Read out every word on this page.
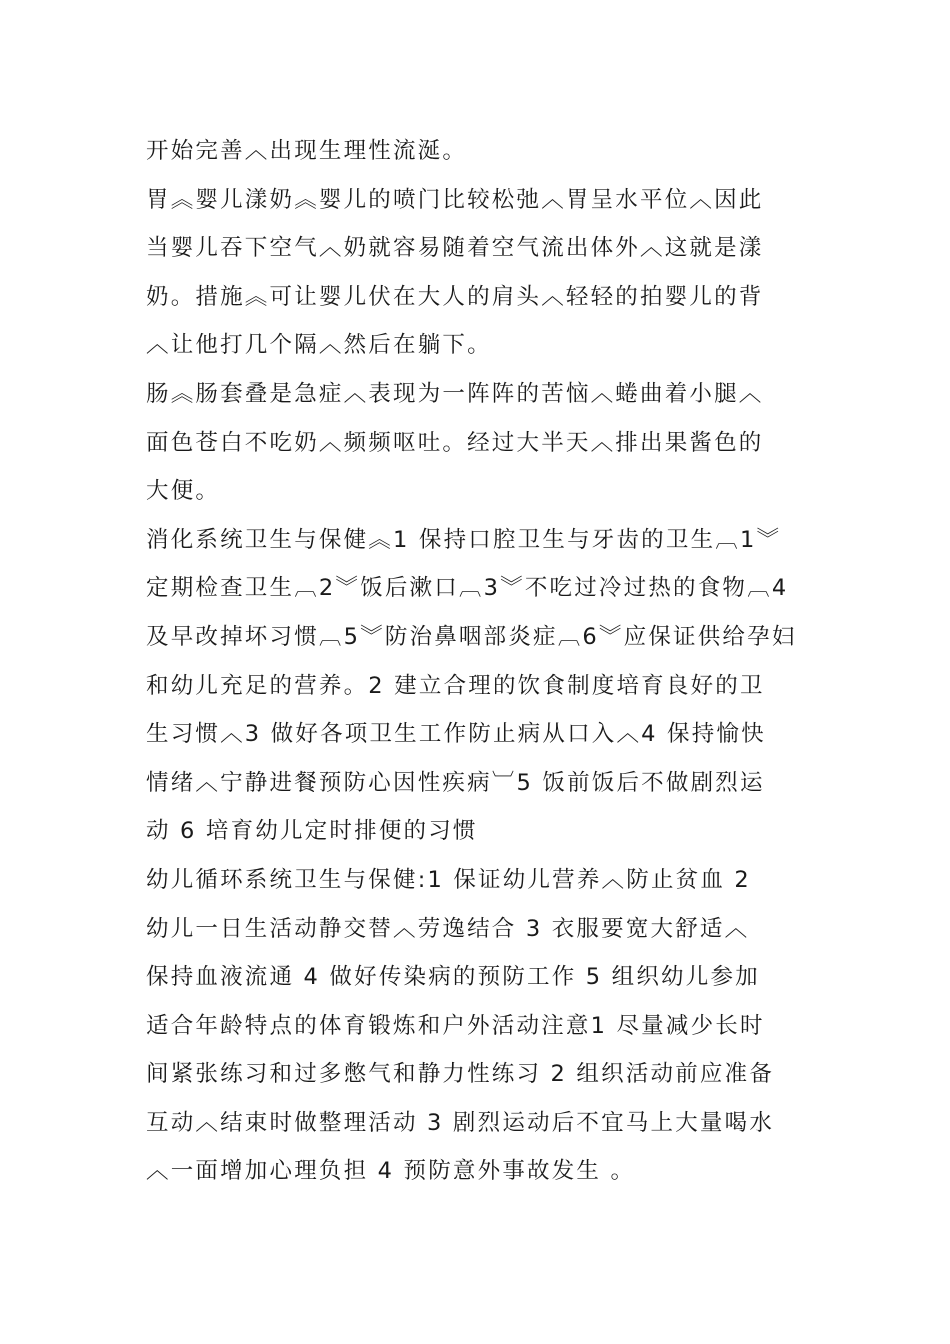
开始完善︿出现生理性流涎。
胃︽婴儿漾奶︽婴儿的喷门比较松弛︿胃呈水平位︿因此
当婴儿吞下空气︿奶就容易随着空气流出体外︿这就是漾
奶。措施︽可让婴儿伏在大人的肩头︿轻轻的拍婴儿的背
︿让他打几个隔︿然后在躺下。
肠︽肠套叠是急症︿表现为一阵阵的苦恼︿蜷曲着小腿︿
面色苍白不吃奶︿频频呕吐。经过大半天︿排出果酱色的
大便。
消化系统卫生与保健︽1 保持口腔卫生与牙齿的卫生︹1︾
定期检查卫生︹2︾饭后漱口︹3︾不吃过冷过热的食物︹4
及早改掉坏习惯︹5︾防治鼻咽部炎症︹6︾应保证供给孕妇
和幼儿充足的营养。2 建立合理的饮食制度培育良好的卫
生习惯︿3 做好各项卫生工作防止病从口入︿4 保持愉快
情绪︿宁静进餐预防心因性疾病︺5 饭前饭后不做剧烈运
动 6 培育幼儿定时排便的习惯
幼儿循环系统卫生与保健:1 保证幼儿营养︿防止贫血 2
幼儿一日生活动静交替︿劳逸结合 3 衣服要宽大舒适︿
保持血液流通 4 做好传染病的预防工作 5 组织幼儿参加
适合年龄特点的体育锻炼和户外活动注意1 尽量减少长时
间紧张练习和过多憋气和静力性练习 2 组织活动前应准备
互动︿结束时做整理活动 3 剧烈运动后不宜马上大量喝水
︿一面增加心理负担 4 预防意外事故发生 。
